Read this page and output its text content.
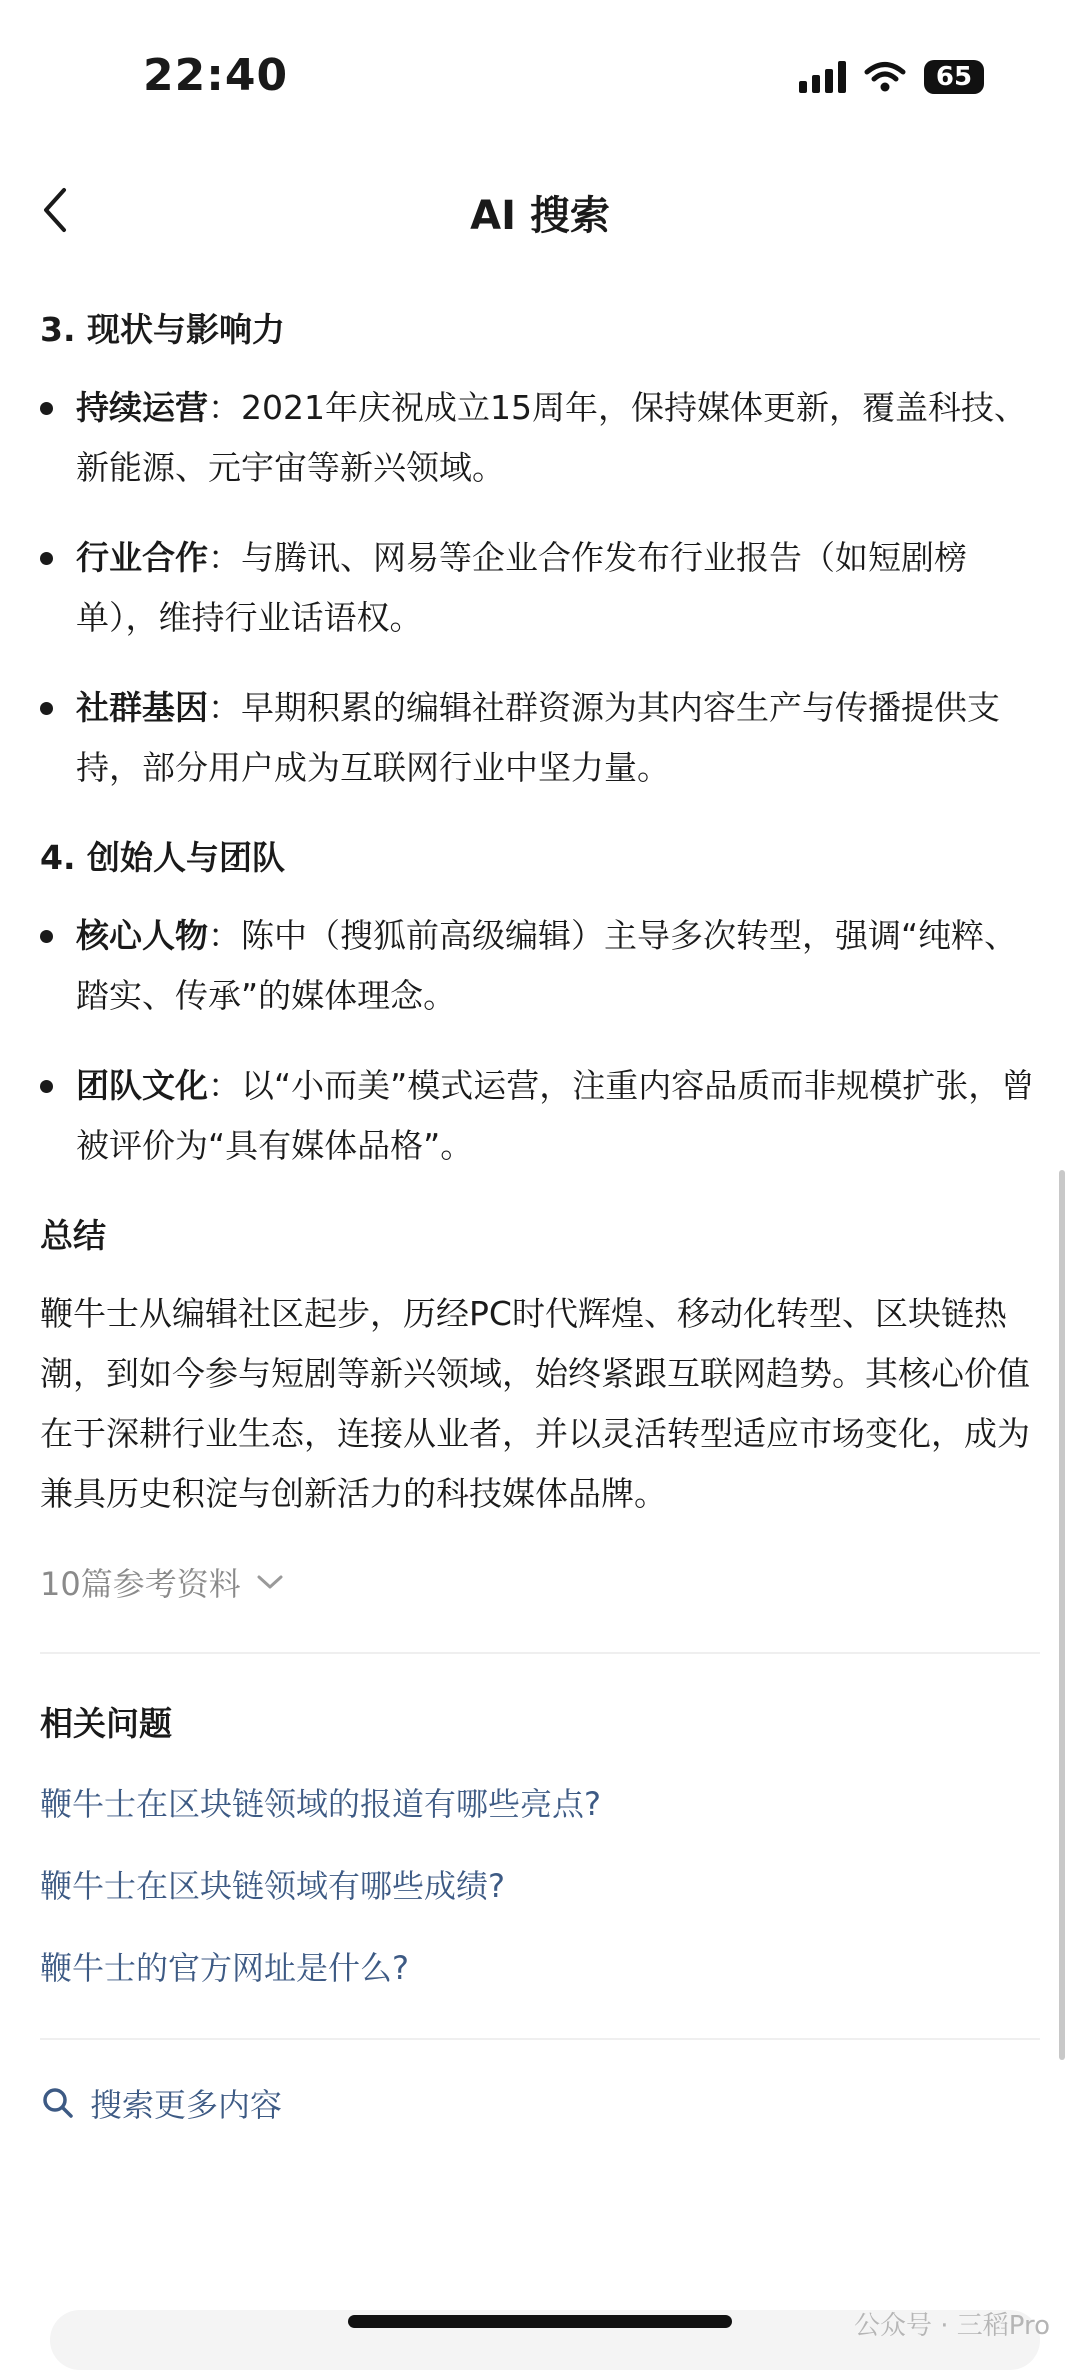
22:40	65
AI 搜索
3. 现状与影响力
持续运营：2021年庆祝成立15周年，保持媒体更新，覆盖科技、新能源、元宇宙等新兴领域。
行业合作：与腾讯、网易等企业合作发布行业报告（如短剧榜单），维持行业话语权。
社群基因：早期积累的编辑社群资源为其内容生产与传播提供支持，部分用户成为互联网行业中坚力量。
4. 创始人与团队
核心人物：陈中（搜狐前高级编辑）主导多次转型，强调“纯粹、踏实、传承”的媒体理念。
团队文化：以“小而美”模式运营，注重内容品质而非规模扩张，曾被评价为“具有媒体品格”。
总结

鞭牛士从编辑社区起步，历经PC时代辉煌、移动化转型、区块链热潮，到如今参与短剧等新兴领域，始终紧跟互联网趋势。其核心价值在于深耕行业生态，连接从业者，并以灵活转型适应市场变化，成为兼具历史积淀与创新活力的科技媒体品牌。

10篇参考资料
相关问题
鞭牛士在区块链领域的报道有哪些亮点?
鞭牛士在区块链领域有哪些成绩?
鞭牛士的官方网址是什么?
搜索更多内容
公众号 · 三稻Pro
